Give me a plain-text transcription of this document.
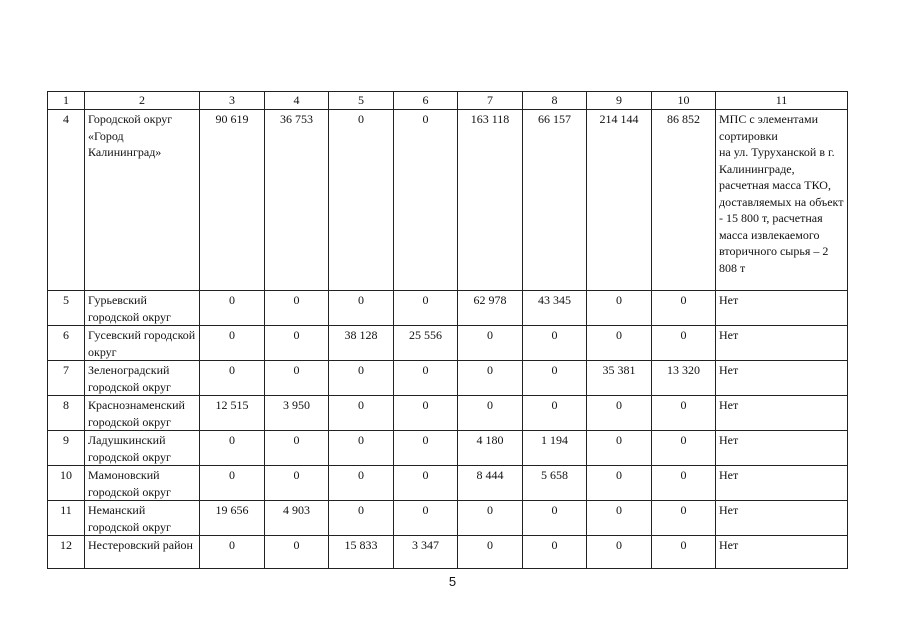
1	2	3	4	5	6	7	8	9	10	11
4	Городской округ «Город Калининград»	90 619	36 753	0	0	163 118	66 157	214 144	86 852	МПС с элементами сортировки
на ул. Туруханской в г. Калининграде, расчетная масса ТКО, доставляемых на объект - 15 800 т, расчетная масса извлекаемого вторичного сырья – 2 808 т
5	Гурьевский городской округ	0	0	0	0	62 978	43 345	0	0	Нет
6	Гусевский городской округ	0	0	38 128	25 556	0	0	0	0	Нет
7	Зеленоградский городской округ	0	0	0	0	0	0	35 381	13 320	Нет
8	Краснознаменский городской округ	12 515	3 950	0	0	0	0	0	0	Нет
9	Ладушкинский городской округ	0	0	0	0	4 180	1 194	0	0	Нет
10	Мамоновский городской округ	0	0	0	0	8 444	5 658	0	0	Нет
11	Неманский городской округ	19 656	4 903	0	0	0	0	0	0	Нет
12	Нестеровский район	0	0	15 833	3 347	0	0	0	0	Нет
5
